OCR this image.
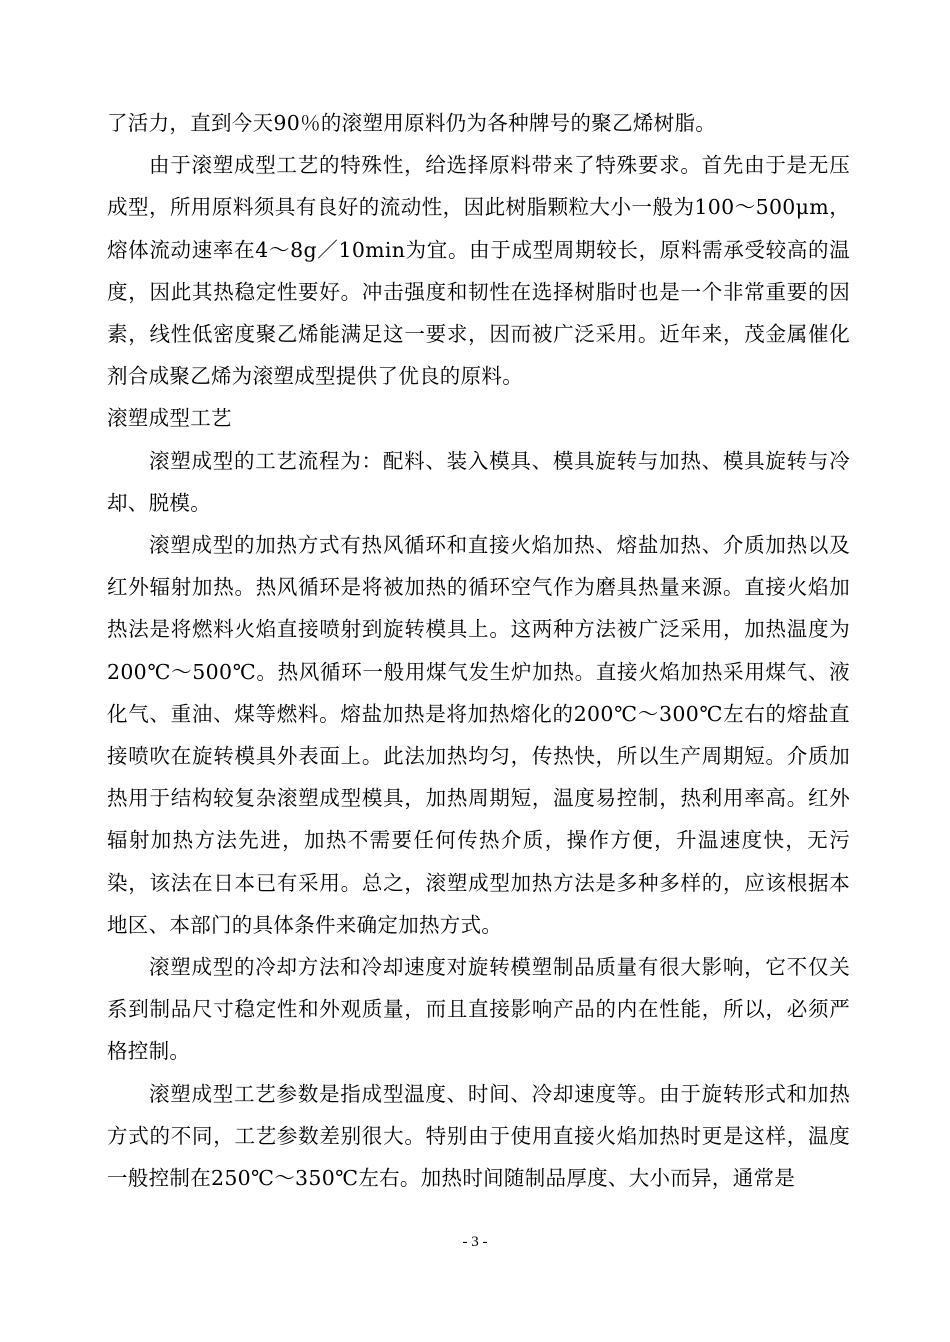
了活力，直到今天90％的滚塑用原料仍为各种牌号的聚乙烯树脂。

由于滚塑成型工艺的特殊性，给选择原料带来了特殊要求。首先由于是无压成型，所用原料须具有良好的流动性，因此树脂颗粒大小一般为100～500μm，熔体流动速率在4～8g／10min为宜。由于成型周期较长，原料需承受较高的温度，因此其热稳定性要好。冲击强度和韧性在选择树脂时也是一个非常重要的因素，线性低密度聚乙烯能满足这一要求，因而被广泛采用。近年来，茂金属催化剂合成聚乙烯为滚塑成型提供了优良的原料。

滚塑成型工艺

滚塑成型的工艺流程为：配料、装入模具、模具旋转与加热、模具旋转与冷却、脱模。

滚塑成型的加热方式有热风循环和直接火焰加热、熔盐加热、介质加热以及红外辐射加热。热风循环是将被加热的循环空气作为磨具热量来源。直接火焰加热法是将燃料火焰直接喷射到旋转模具上。这两种方法被广泛采用，加热温度为200℃～500℃。热风循环一般用煤气发生炉加热。直接火焰加热采用煤气、液化气、重油、煤等燃料。熔盐加热是将加热熔化的200℃～300℃左右的熔盐直接喷吹在旋转模具外表面上。此法加热均匀，传热快，所以生产周期短。介质加热用于结构较复杂滚塑成型模具，加热周期短，温度易控制，热利用率高。红外辐射加热方法先进，加热不需要任何传热介质，操作方便，升温速度快，无污染，该法在日本已有采用。总之，滚塑成型加热方法是多种多样的，应该根据本地区、本部门的具体条件来确定加热方式。

滚塑成型的冷却方法和冷却速度对旋转模塑制品质量有很大影响，它不仅关系到制品尺寸稳定性和外观质量，而且直接影响产品的内在性能，所以，必须严格控制。

滚塑成型工艺参数是指成型温度、时间、冷却速度等。由于旋转形式和加热方式的不同，工艺参数差别很大。特别由于使用直接火焰加热时更是这样，温度一般控制在250℃～350℃左右。加热时间随制品厚度、大小而异，通常是

- 3 -
